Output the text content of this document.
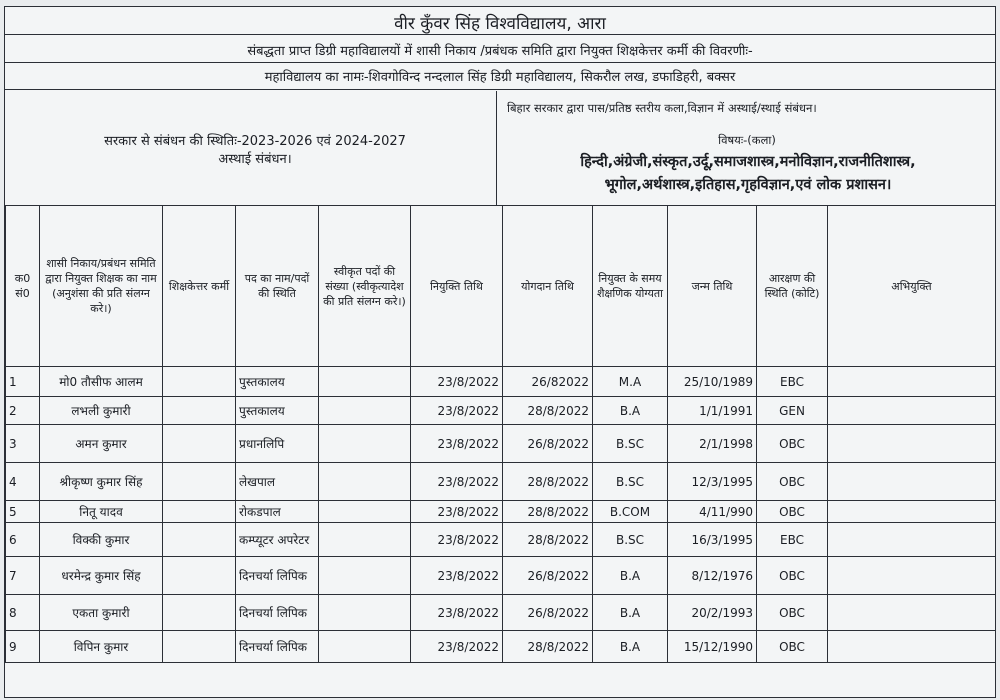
वीर कुँवर सिंह विश्वविद्यालय, आरा
संबद्धता प्राप्त डिग्री महाविद्यालयों में शासी निकाय /प्रबंधक समिति द्वारा नियुक्त शिक्षकेत्तर कर्मी की विवरणीः-
महाविद्यालय का नामः-शिवगोविन्द नन्दलाल सिंह डिग्री महाविद्यालय, सिकरौल लख, डफाडिहरी, बक्सर
सरकार से संबंधन की स्थितिः-2023-2026 एवं 2024-2027
अस्थाई संबंधन।
बिहार सरकार द्वारा पास/प्रतिष्ठ स्तरीय कला,विज्ञान में अस्थाई/स्थाई संबंधन।
विषयः-(कला)
हिन्दी,अंग्रेजी,संस्कृत,उर्दू,समाजशास्त्र,मनोविज्ञान,राजनीतिशास्त्र, भूगोल,अर्थशास्त्र,इतिहास,गृहविज्ञान,एवं लोक प्रशासन।
क0 सं0	शासी निकाय/प्रबंधन समिति द्वारा नियुक्त शिक्षक का नाम (अनुशंसा की प्रति संलग्न करे।)	शिक्षकेत्तर कर्मी	पद का नाम/पदों की स्थिति	स्वीकृत पदों की संख्या (स्वीकृत्यादेश की प्रति संलग्न करे।)	नियुक्ति तिथि	योगदान तिथि	नियुक्त के समय शैक्षणिक योग्यता	जन्म तिथि	आरक्षण की स्थिति (कोटि)	अभियुक्ति
1	मो0 तौसीफ आलम		पुस्तकालय		23/8/2022	26/82022	M.A	25/10/1989	EBC	
2	लभली कुमारी		पुस्तकालय		23/8/2022	28/8/2022	B.A	1/1/1991	GEN	
3	अमन कुमार		प्रधानलिपि		23/8/2022	26/8/2022	B.SC	2/1/1998	OBC	
4	श्रीकृष्ण कुमार सिंह		लेखपाल		23/8/2022	28/8/2022	B.SC	12/3/1995	OBC	
5	नितू यादव		रोकडपाल		23/8/2022	28/8/2022	B.COM	4/11/990	OBC	
6	विक्की कुमार		कम्प्यूटर अपरेटर		23/8/2022	28/8/2022	B.SC	16/3/1995	EBC	
7	धरमेन्द्र कुमार सिंह		दिनचर्या लिपिक		23/8/2022	26/8/2022	B.A	8/12/1976	OBC	
8	एकता कुमारी		दिनचर्या लिपिक		23/8/2022	26/8/2022	B.A	20/2/1993	OBC	
9	विपिन कुमार		दिनचर्या लिपिक		23/8/2022	28/8/2022	B.A	15/12/1990	OBC	
